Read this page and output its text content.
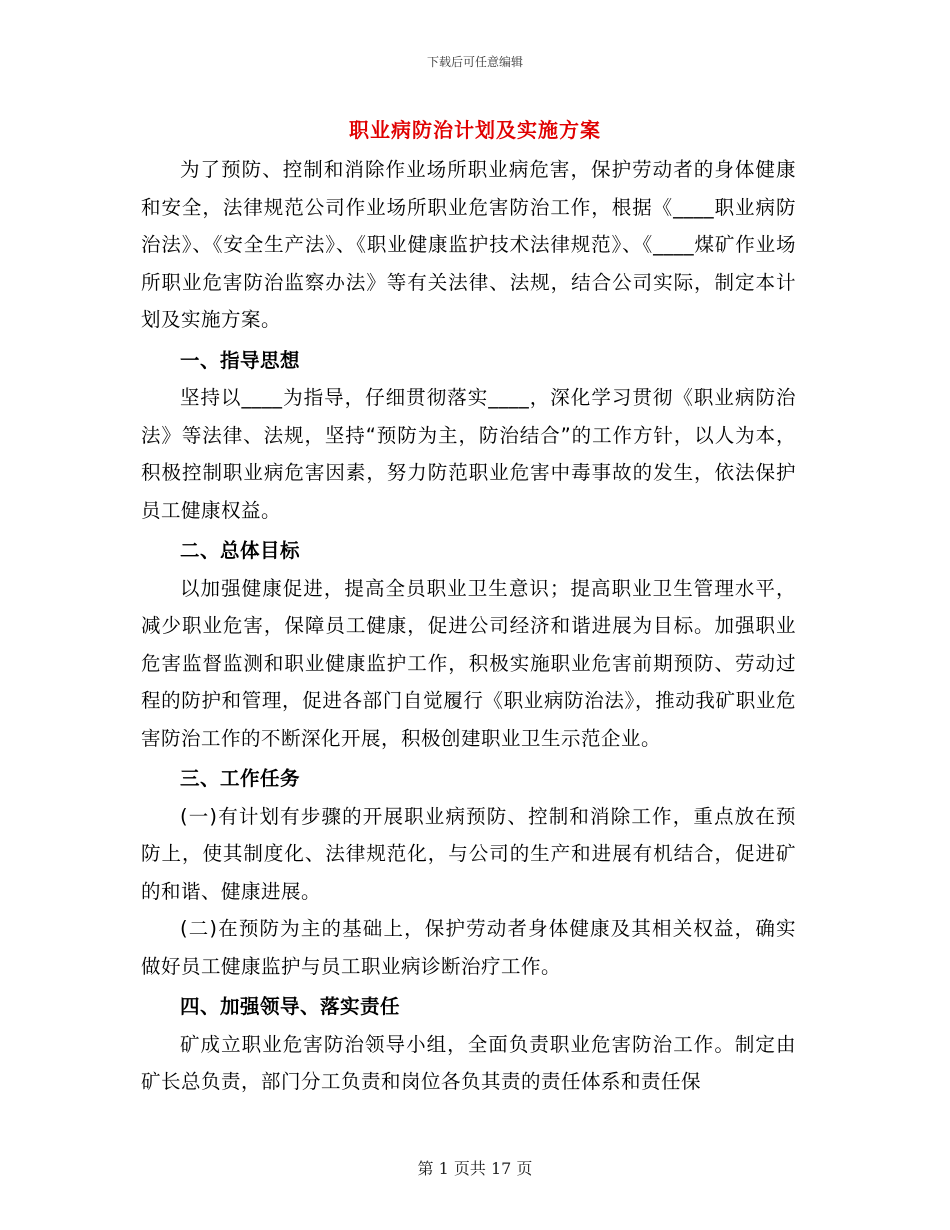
下载后可任意编辑
职业病防治计划及实施方案

为了预防、控制和消除作业场所职业病危害，保护劳动者的身体健康和安全，法律规范公司作业场所职业危害防治工作，根据《____职业病防治法》、《安全生产法》、《职业健康监护技术法律规范》、《____煤矿作业场所职业危害防治监察办法》等有关法律、法规，结合公司实际，制定本计划及实施方案。

一、指导思想

坚持以____为指导，仔细贯彻落实____，深化学习贯彻《职业病防治法》等法律、法规，坚持“预防为主，防治结合”的工作方针，以人为本，积极控制职业病危害因素，努力防范职业危害中毒事故的发生，依法保护员工健康权益。

二、总体目标

以加强健康促进，提高全员职业卫生意识；提高职业卫生管理水平，减少职业危害，保障员工健康，促进公司经济和谐进展为目标。加强职业危害监督监测和职业健康监护工作，积极实施职业危害前期预防、劳动过程的防护和管理，促进各部门自觉履行《职业病防治法》，推动我矿职业危害防治工作的不断深化开展，积极创建职业卫生示范企业。

三、工作任务

(一)有计划有步骤的开展职业病预防、控制和消除工作，重点放在预防上，使其制度化、法律规范化，与公司的生产和进展有机结合，促进矿的和谐、健康进展。

(二)在预防为主的基础上，保护劳动者身体健康及其相关权益，确实做好员工健康监护与员工职业病诊断治疗工作。

四、加强领导、落实责任

矿成立职业危害防治领导小组，全面负责职业危害防治工作。制定由矿长总负责，部门分工负责和岗位各负其责的责任体系和责任保

第 1 页共 17 页
